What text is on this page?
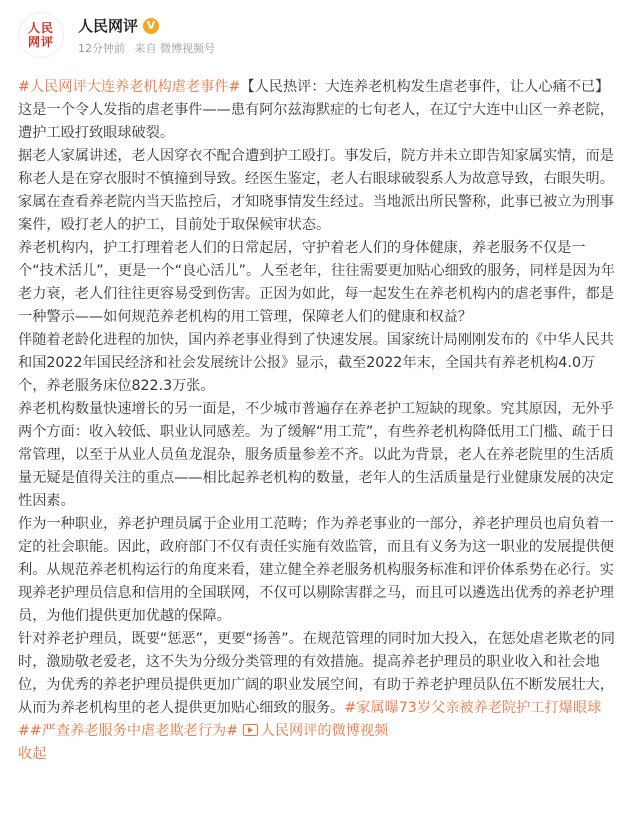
人民
网评
人民网评 V
12分钟前 来自 微博视频号

#人民网评大连养老机构虐老事件#【人民热评：大连养老机构发生虐老事件，让人心痛不已】这是一个令人发指的虐老事件——患有阿尔兹海默症的七旬老人，在辽宁大连中山区一养老院，遭护工殴打致眼球破裂。

据老人家属讲述，老人因穿衣不配合遭到护工殴打。事发后，院方并未立即告知家属实情，而是称老人是在穿衣服时不慎撞到导致。经医生鉴定，老人右眼球破裂系人为故意导致，右眼失明。家属在查看养老院内当天监控后，才知晓事情发生经过。当地派出所民警称，此事已被立为刑事案件，殴打老人的护工，目前处于取保候审状态。

养老机构内，护工打理着老人们的日常起居，守护着老人们的身体健康，养老服务不仅是一个“技术活儿”，更是一个“良心活儿”。人至老年，往往需要更加贴心细致的服务，同样是因为年老力衰，老人们往往更容易受到伤害。正因为如此，每一起发生在养老机构内的虐老事件，都是一种警示——如何规范养老机构的用工管理，保障老人们的健康和权益？

伴随着老龄化进程的加快，国内养老事业得到了快速发展。国家统计局刚刚发布的《中华人民共和国2022年国民经济和社会发展统计公报》显示，截至2022年末，全国共有养老机构4.0万个，养老服务床位822.3万张。

养老机构数量快速增长的另一面是，不少城市普遍存在养老护工短缺的现象。究其原因，无外乎两个方面：收入较低、职业认同感差。为了缓解“用工荒”，有些养老机构降低用工门槛、疏于日常管理，以至于从业人员鱼龙混杂，服务质量参差不齐。以此为背景，老人在养老院里的生活质量无疑是值得关注的重点——相比起养老机构的数量，老年人的生活质量是行业健康发展的决定性因素。

作为一种职业，养老护理员属于企业用工范畴；作为养老事业的一部分，养老护理员也肩负着一定的社会职能。因此，政府部门不仅有责任实施有效监管，而且有义务为这一职业的发展提供便利。从规范养老机构运行的角度来看，建立健全养老服务机构服务标准和评价体系势在必行。实现养老护理员信息和信用的全国联网，不仅可以剔除害群之马，而且可以遴选出优秀的养老护理员，为他们提供更加优越的保障。

针对养老护理员，既要“惩恶”，更要“扬善”。在规范管理的同时加大投入，在惩处虐老欺老的同时，激励敬老爱老，这不失为分级分类管理的有效措施。提高养老护理员的职业收入和社会地位，为优秀的养老护理员提供更加广阔的职业发展空间，有助于养老护理员队伍不断发展壮大，从而为养老机构里的老人提供更加贴心细致的服务。#家属曝73岁父亲被养老院护工打爆眼球##严查养老服务中虐老欺老行为# 人民网评的微博视频
收起
